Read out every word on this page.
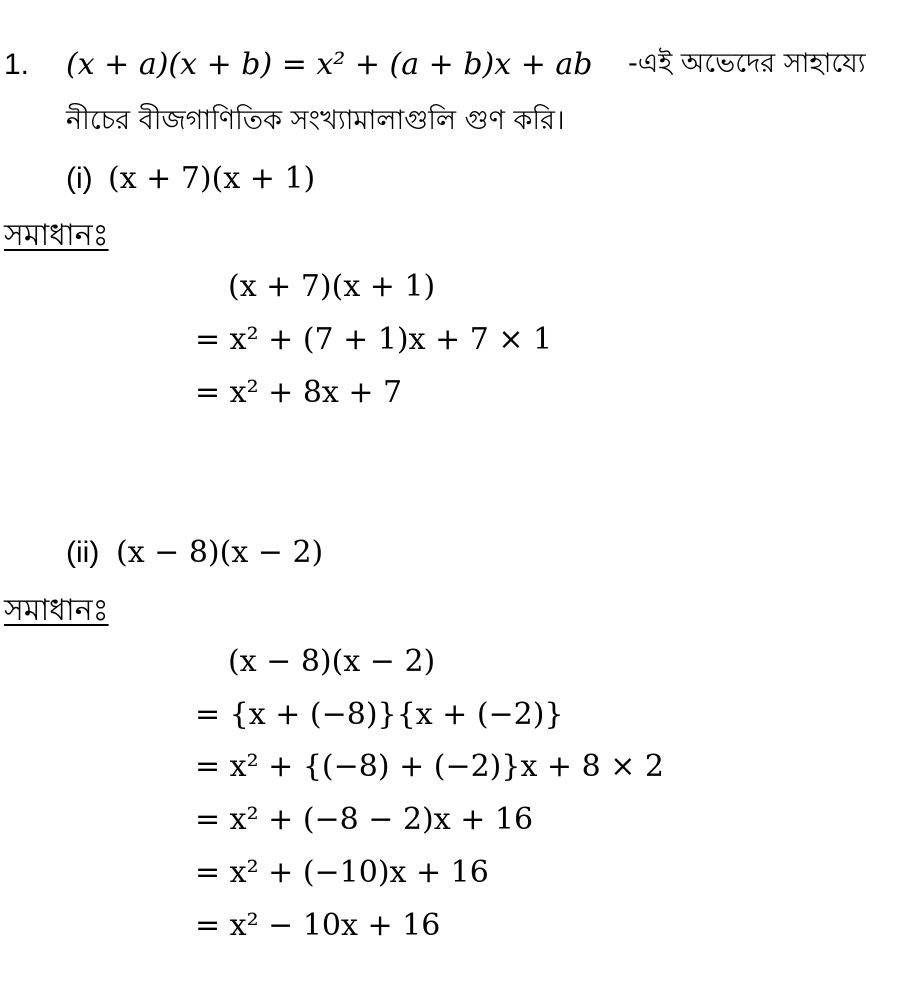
1. (x + a)(x + b) = x² + (a + b)x + ab -এই অভেদের সাহায্যে
নীচের বীজগাণিতিক সংখ্যামালাগুলি গুণ করি।
(i) (x + 7)(x + 1)
সমাধানঃ
(x + 7)(x + 1)
= x² + (7 + 1)x + 7 × 1
= x² + 8x + 7
(ii) (x − 8)(x − 2)
সমাধানঃ
(x − 8)(x − 2)
= {x + (−8)}{x + (−2)}
= x² + {(−8) + (−2)}x + 8 × 2
= x² + (−8 − 2)x + 16
= x² + (−10)x + 16
= x² − 10x + 16
